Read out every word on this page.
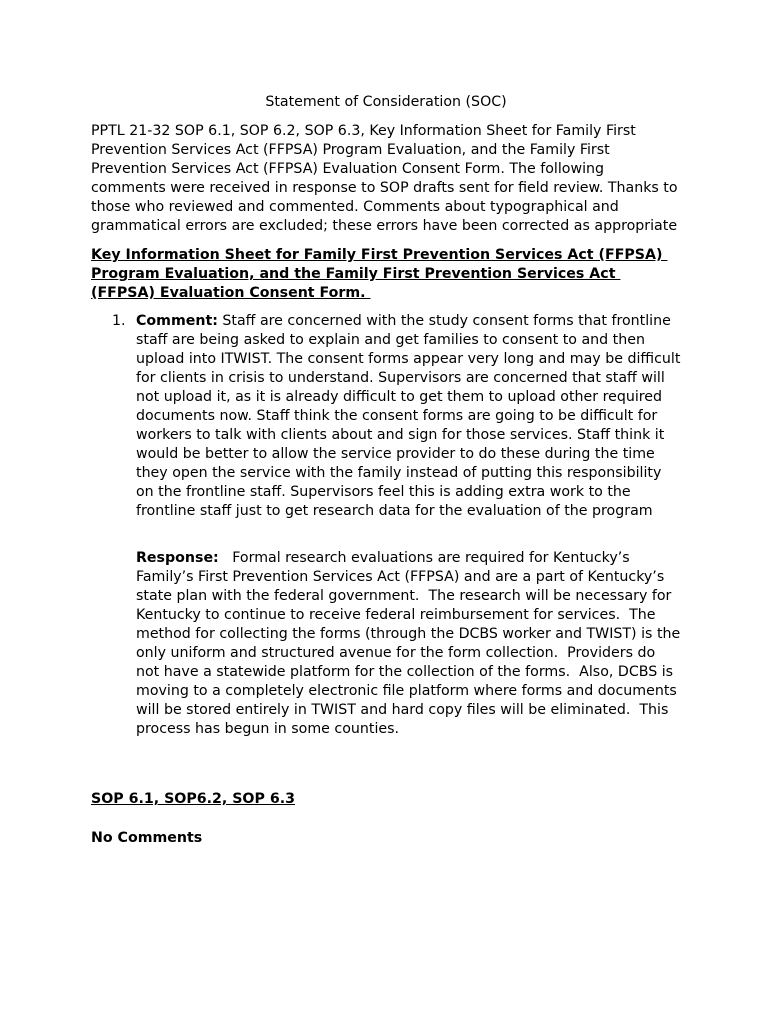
Statement of Consideration (SOC)
PPTL 21-32 SOP 6.1, SOP 6.2, SOP 6.3, Key Information Sheet for Family First Prevention Services Act (FFPSA) Program Evaluation, and the Family First Prevention Services Act (FFPSA) Evaluation Consent Form. The following comments were received in response to SOP drafts sent for field review. Thanks to those who reviewed and commented. Comments about typographical and grammatical errors are excluded; these errors have been corrected as appropriate
Key Information Sheet for Family First Prevention Services Act (FFPSA) Program Evaluation, and the Family First Prevention Services Act (FFPSA) Evaluation Consent Form.
1. Comment: Staff are concerned with the study consent forms that frontline staff are being asked to explain and get families to consent to and then upload into ITWIST. The consent forms appear very long and may be difficult for clients in crisis to understand. Supervisors are concerned that staff will not upload it, as it is already difficult to get them to upload other required documents now. Staff think the consent forms are going to be difficult for workers to talk with clients about and sign for those services. Staff think it would be better to allow the service provider to do these during the time they open the service with the family instead of putting this responsibility on the frontline staff. Supervisors feel this is adding extra work to the frontline staff just to get research data for the evaluation of the program
Response:   Formal research evaluations are required for Kentucky’s Family’s First Prevention Services Act (FFPSA) and are a part of Kentucky’s state plan with the federal government.  The research will be necessary for Kentucky to continue to receive federal reimbursement for services.  The method for collecting the forms (through the DCBS worker and TWIST) is the only uniform and structured avenue for the form collection.  Providers do not have a statewide platform for the collection of the forms.  Also, DCBS is moving to a completely electronic file platform where forms and documents will be stored entirely in TWIST and hard copy files will be eliminated.  This process has begun in some counties.
SOP 6.1, SOP6.2, SOP 6.3
No Comments
